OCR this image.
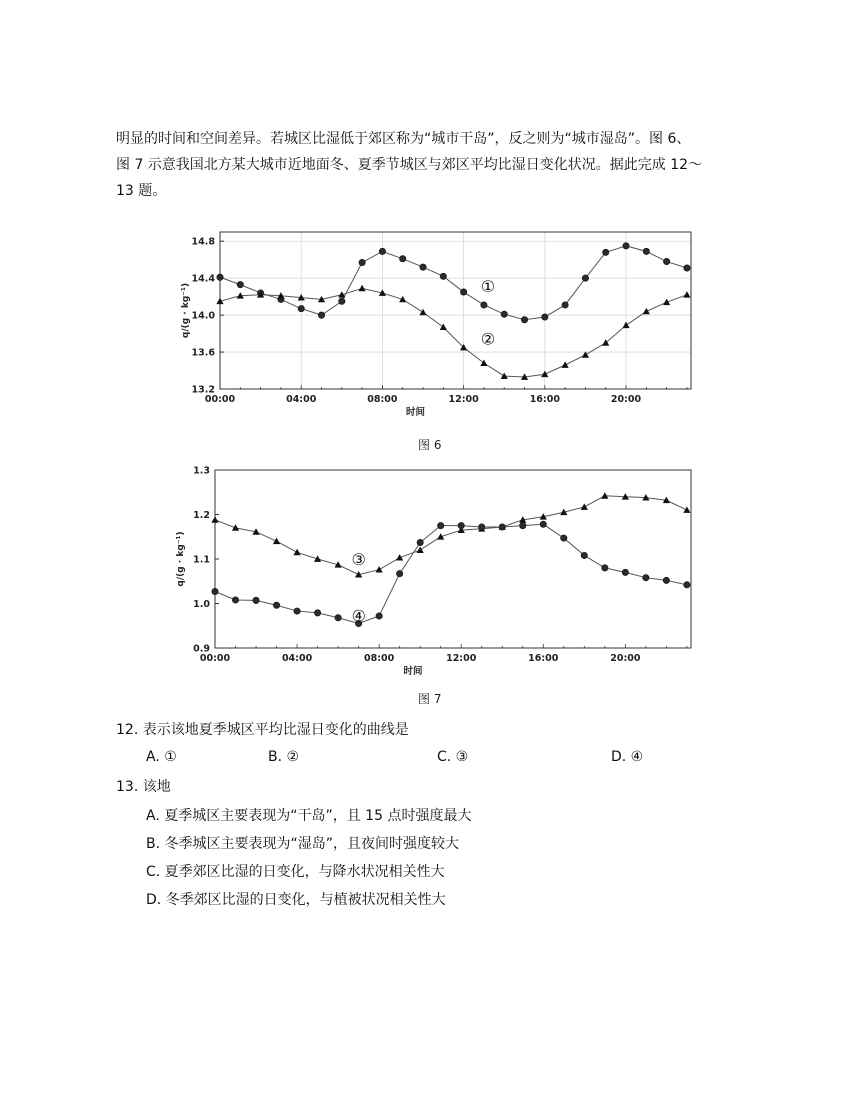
明显的时间和空间差异。若城区比湿低于郊区称为“城市干岛”，反之则为“城市湿岛”。图 6、
图 7 示意我国北方某大城市近地面冬、夏季节城区与郊区平均比湿日变化状况。据此完成 12～
13 题。
13.2
13.6
14.0
14.4
14.8
00:00	04:00	08:00	12:00	16:00	20:00
时间
q/(g · kg⁻¹)	①
②
图 6
0.9
1.0
1.1
1.2
1.3
00:00	04:00	08:00	12:00	16:00	20:00
时间
q/(g · kg⁻¹)	③
④
图 7
12. 表示该地夏季城区平均比湿日变化的曲线是
A. ①	B. ②	C. ③	D. ④
13. 该地
A. 夏季城区主要表现为“干岛”，且 15 点时强度最大
B. 冬季城区主要表现为“湿岛”，且夜间时强度较大
C. 夏季郊区比湿的日变化，与降水状况相关性大
D. 冬季郊区比湿的日变化，与植被状况相关性大
